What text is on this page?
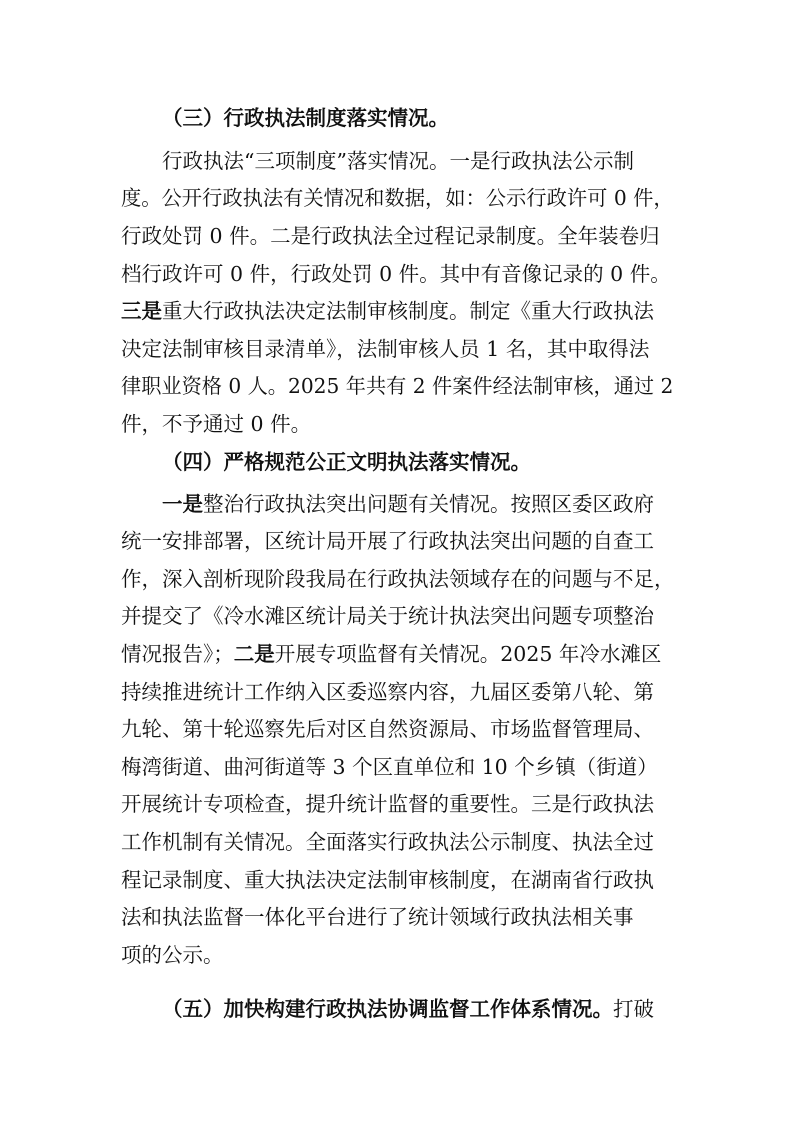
（三）行政执法制度落实情况。
行政执法“三项制度”落实情况。一是行政执法公示制
度。公开行政执法有关情况和数据，如：公示行政许可 0 件，
行政处罚 0 件。二是行政执法全过程记录制度。全年装卷归
档行政许可 0 件，行政处罚 0 件。其中有音像记录的 0 件。
三是重大行政执法决定法制审核制度。制定《重大行政执法
决定法制审核目录清单》，法制审核人员 1 名，其中取得法
律职业资格 0 人。2025 年共有 2 件案件经法制审核，通过 2
件，不予通过 0 件。
（四）严格规范公正文明执法落实情况。
一是整治行政执法突出问题有关情况。按照区委区政府
统一安排部署，区统计局开展了行政执法突出问题的自查工
作，深入剖析现阶段我局在行政执法领域存在的问题与不足，
并提交了《冷水滩区统计局关于统计执法突出问题专项整治
情况报告》；二是开展专项监督有关情况。2025 年冷水滩区
持续推进统计工作纳入区委巡察内容，九届区委第八轮、第
九轮、第十轮巡察先后对区自然资源局、市场监督管理局、
梅湾街道、曲河街道等 3 个区直单位和 10 个乡镇（街道）
开展统计专项检查，提升统计监督的重要性。三是行政执法
工作机制有关情况。全面落实行政执法公示制度、执法全过
程记录制度、重大执法决定法制审核制度，在湖南省行政执
法和执法监督一体化平台进行了统计领域行政执法相关事
项的公示。
（五）加快构建行政执法协调监督工作体系情况。打破
